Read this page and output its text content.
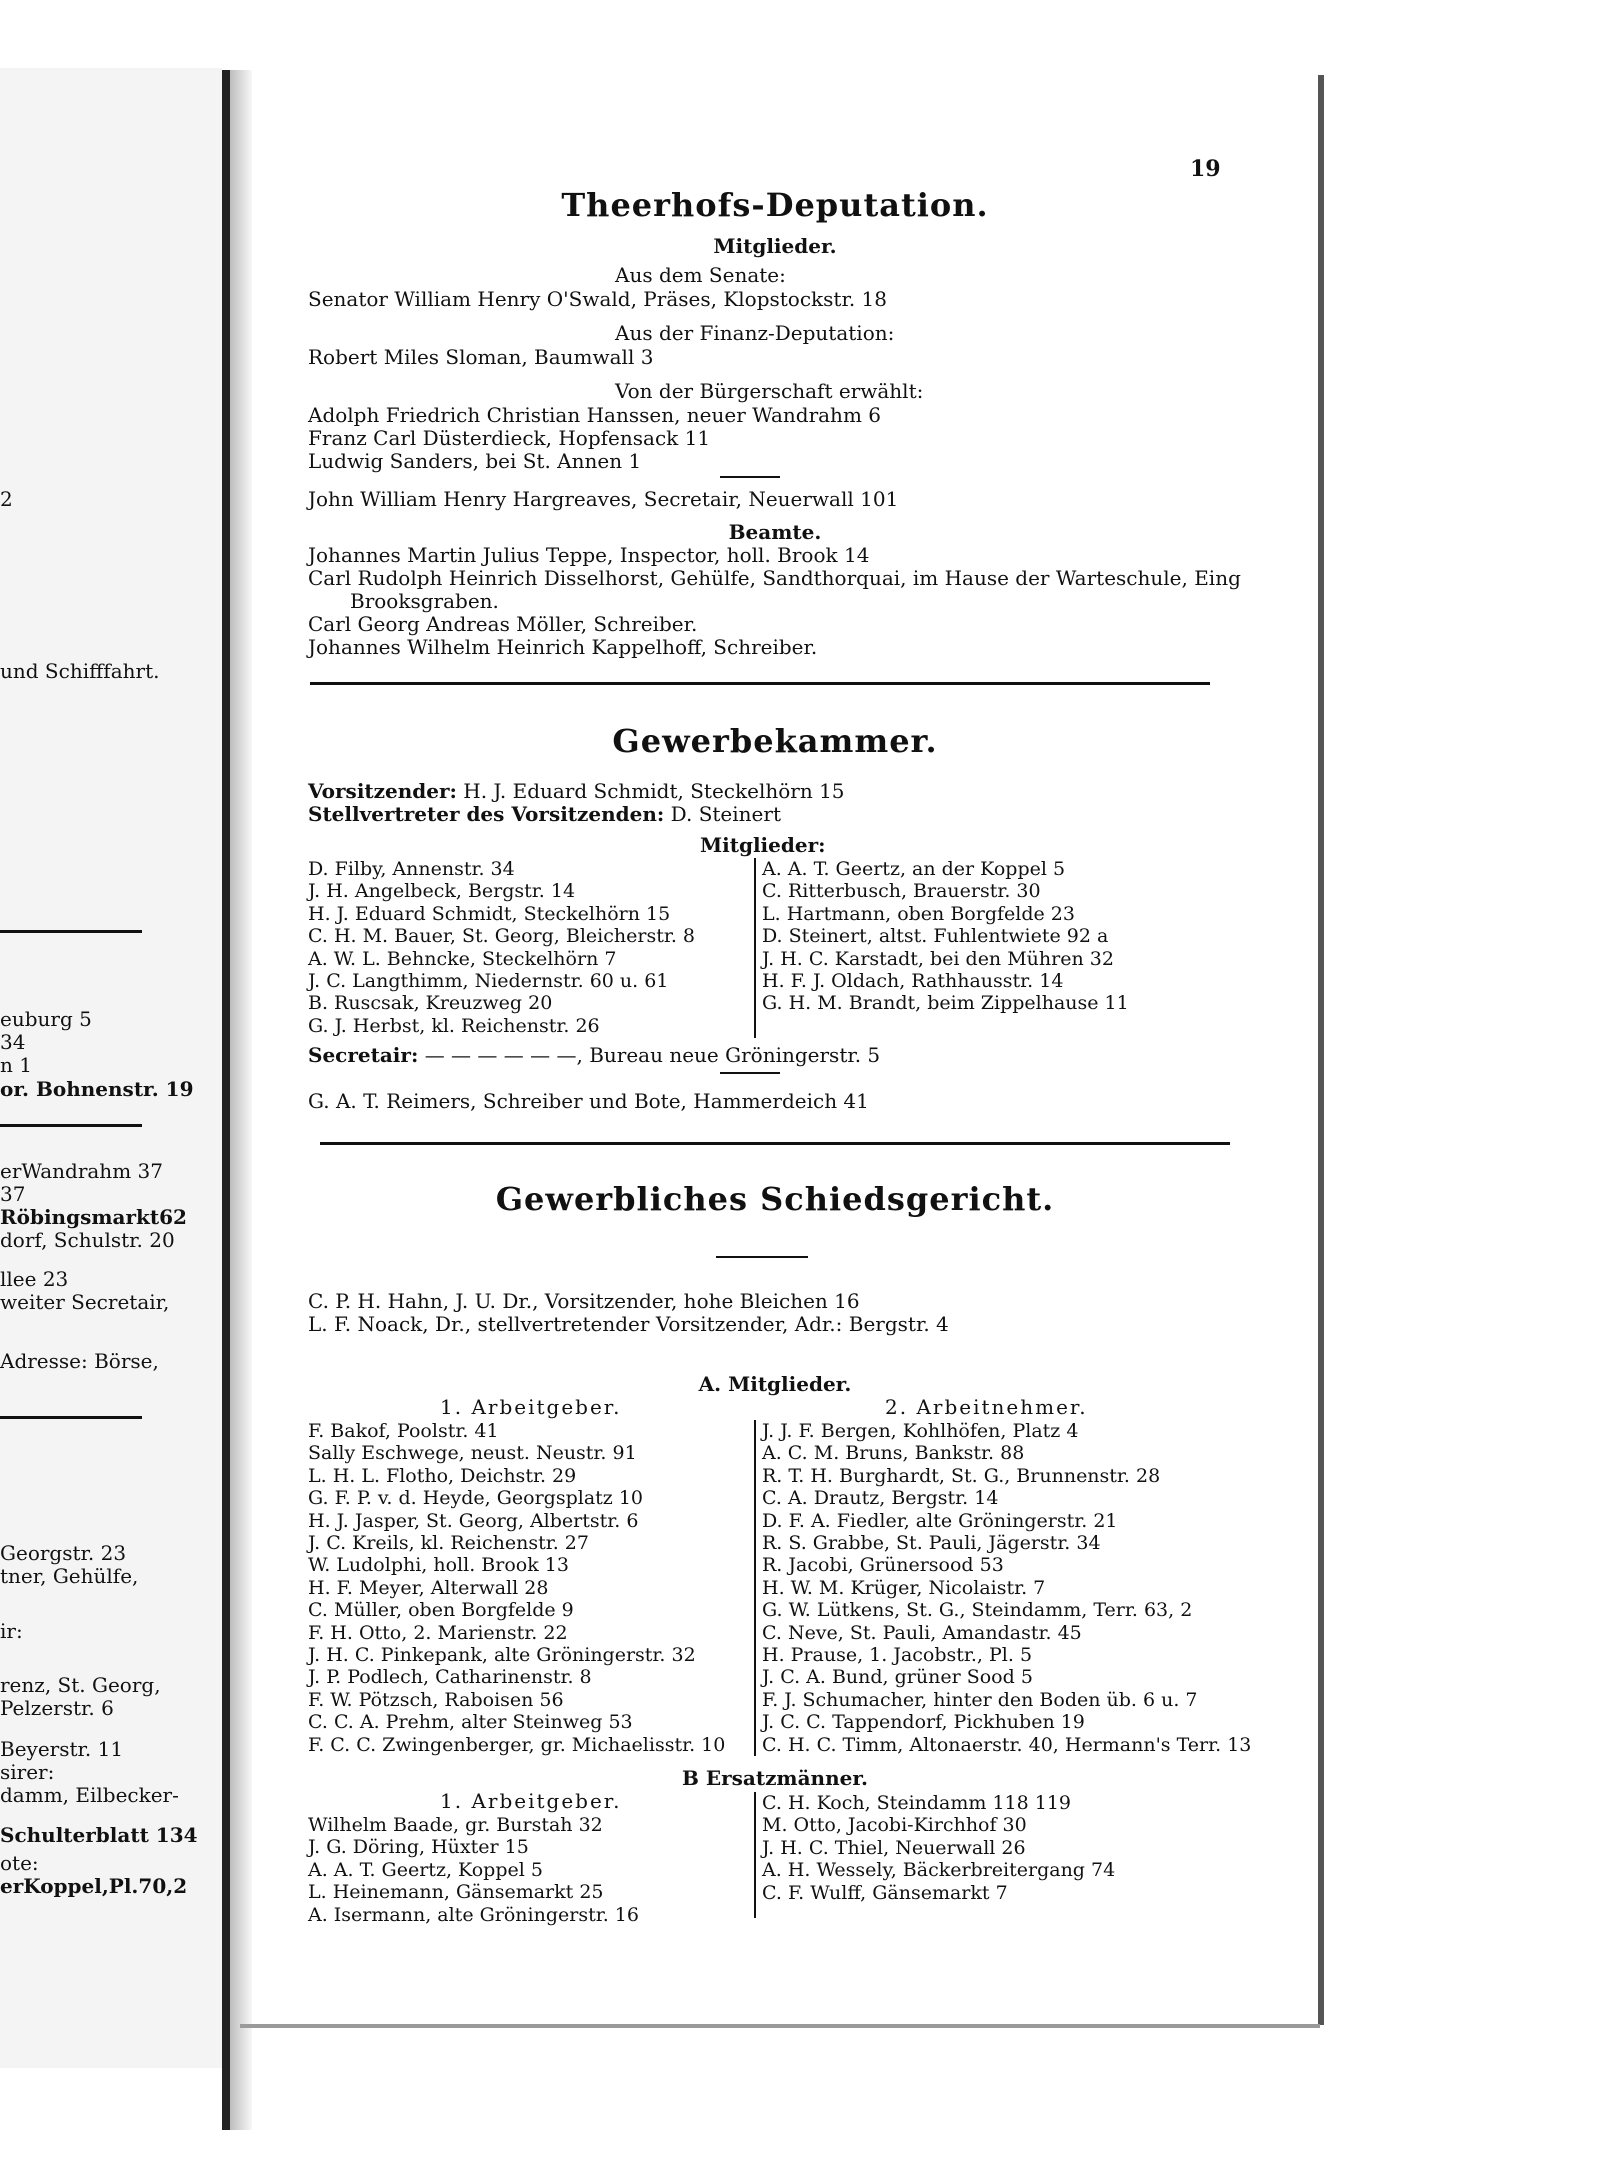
2
und Schifffahrt.
euburg 5
34
n 1
or. Bohnenstr. 19
erWandrahm 37
37
Röbingsmarkt62
dorf, Schulstr. 20
llee 23
weiter Secretair,
Adresse: Börse,
Georgstr. 23
tner, Gehülfe,
ir:
renz, St. Georg,
Pelzerstr. 6
Beyerstr. 11
sirer:
damm, Eilbecker-
Schulterblatt 134
ote:
erKoppel,Pl.70,2
19
Theerhofs-Deputation.
Mitglieder.
Aus dem Senate:
Senator William Henry O'Swald, Präses, Klopstockstr. 18
Aus der Finanz-Deputation:
Robert Miles Sloman, Baumwall 3
Von der Bürgerschaft erwählt:
Adolph Friedrich Christian Hanssen, neuer Wandrahm 6
Franz Carl Düsterdieck, Hopfensack 11
Ludwig Sanders, bei St. Annen 1
John William Henry Hargreaves, Secretair, Neuerwall 101
Beamte.
Johannes Martin Julius Teppe, Inspector, holl. Brook 14
Carl Rudolph Heinrich Disselhorst, Gehülfe, Sandthorquai, im Hause der Warteschule, Eing
Brooksgraben.
Carl Georg Andreas Möller, Schreiber.
Johannes Wilhelm Heinrich Kappelhoff, Schreiber.
Gewerbekammer.
Vorsitzender: H. J. Eduard Schmidt, Steckelhörn 15
Stellvertreter des Vorsitzenden: D. Steinert
Mitglieder:
D. Filby, Annenstr. 34
J. H. Angelbeck, Bergstr. 14
H. J. Eduard Schmidt, Steckelhörn 15
C. H. M. Bauer, St. Georg, Bleicherstr. 8
A. W. L. Behncke, Steckelhörn 7
J. C. Langthimm, Niedernstr. 60 u. 61
B. Ruscsak, Kreuzweg 20
G. J. Herbst, kl. Reichenstr. 26
A. A. T. Geertz, an der Koppel 5
C. Ritterbusch, Brauerstr. 30
L. Hartmann, oben Borgfelde 23
D. Steinert, altst. Fuhlentwiete 92 a
J. H. C. Karstadt, bei den Mühren 32
H. F. J. Oldach, Rathhausstr. 14
G. H. M. Brandt, beim Zippelhause 11
Secretair: — — — — — —, Bureau neue Gröningerstr. 5
G. A. T. Reimers, Schreiber und Bote, Hammerdeich 41
Gewerbliches Schiedsgericht.
C. P. H. Hahn, J. U. Dr., Vorsitzender, hohe Bleichen 16
L. F. Noack, Dr., stellvertretender Vorsitzender, Adr.: Bergstr. 4
A. Mitglieder.
1. Arbeitgeber.	2. Arbeitnehmer.
F. Bakof, Poolstr. 41
Sally Eschwege, neust. Neustr. 91
L. H. L. Flotho, Deichstr. 29
G. F. P. v. d. Heyde, Georgsplatz 10
H. J. Jasper, St. Georg, Albertstr. 6
J. C. Kreils, kl. Reichenstr. 27
W. Ludolphi, holl. Brook 13
H. F. Meyer, Alterwall 28
C. Müller, oben Borgfelde 9
F. H. Otto, 2. Marienstr. 22
J. H. C. Pinkepank, alte Gröningerstr. 32
J. P. Podlech, Catharinenstr. 8
F. W. Pötzsch, Raboisen 56
C. C. A. Prehm, alter Steinweg 53
F. C. C. Zwingenberger, gr. Michaelisstr. 10
J. J. F. Bergen, Kohlhöfen, Platz 4
A. C. M. Bruns, Bankstr. 88
R. T. H. Burghardt, St. G., Brunnenstr. 28
C. A. Drautz, Bergstr. 14
D. F. A. Fiedler, alte Gröningerstr. 21
R. S. Grabbe, St. Pauli, Jägerstr. 34
R. Jacobi, Grünersood 53
H. W. M. Krüger, Nicolaistr. 7
G. W. Lütkens, St. G., Steindamm, Terr. 63, 2
C. Neve, St. Pauli, Amandastr. 45
H. Prause, 1. Jacobstr., Pl. 5
J. C. A. Bund, grüner Sood 5
F. J. Schumacher, hinter den Boden üb. 6 u. 7
J. C. C. Tappendorf, Pickhuben 19
C. H. C. Timm, Altonaerstr. 40, Hermann's Terr. 13
B Ersatzmänner.
1. Arbeitgeber.
Wilhelm Baade, gr. Burstah 32
J. G. Döring, Hüxter 15
A. A. T. Geertz, Koppel 5
L. Heinemann, Gänsemarkt 25
A. Isermann, alte Gröningerstr. 16
C. H. Koch, Steindamm 118 119
M. Otto, Jacobi-Kirchhof 30
J. H. C. Thiel, Neuerwall 26
A. H. Wessely, Bäckerbreitergang 74
C. F. Wulff, Gänsemarkt 7
